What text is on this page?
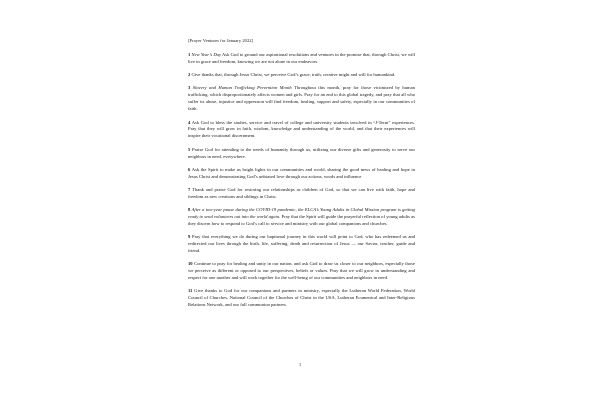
[Prayer Ventures for January 2022]

1 New Year’s Day Ask God to ground our aspirational resolutions and ventures in the promise that, through Christ, we will live in grace and freedom, knowing we are not alone in our endeavors.

2 Give thanks that, through Jesus Christ, we perceive God’s grace, truth, creative might and will for humankind.

3 Slavery and Human Trafficking Prevention Month Throughout this month, pray for those victimized by human trafficking, which disproportionately affects women and girls. Pray for an end to this global tragedy, and pray that all who suffer its abuse, injustice and oppression will find freedom, healing, support and safety, especially in our communities of faith.

4 Ask God to bless the studies, service and travel of college and university students involved in “J-Term” experiences. Pray that they will grow in faith, wisdom, knowledge and understanding of the world, and that their experiences will inspire their vocational discernment.

5 Praise God for attending to the needs of humanity through us, utilizing our diverse gifts and generosity to serve our neighbors in need, everywhere.

6 Ask the Spirit to make us bright lights in our communities and world, sharing the good news of healing and hope in Jesus Christ and demonstrating God’s unbiased love through our actions, words and influence.

7 Thank and praise God for restoring our relationships as children of God, so that we can live with faith, hope and freedom as new creations and siblings in Christ.

8 After a two-year pause during the COVID-19 pandemic, the ELCA’s Young Adults in Global Mission program is getting ready to send volunteers out into the world again. Pray that the Spirit will guide the prayerful reflection of young adults as they discern how to respond to God’s call to service and ministry with our global companions and churches.

9 Pray that everything we do during our baptismal journey in this world will point to God, who has redeemed us and redirected our lives through the birth, life, suffering, death and resurrection of Jesus — our Savior, teacher, guide and friend.

10 Continue to pray for healing and unity in our nation, and ask God to draw us closer to our neighbors, especially those we perceive as different or opposed to our perspectives, beliefs or values. Pray that we will grow in understanding and respect for one another and will work together for the well-being of our communities and neighbors in need.

11 Give thanks to God for our companions and partners in ministry, especially the Lutheran World Federation, World Council of Churches, National Council of the Churches of Christ in the USA, Lutheran Ecumenical and Inter-Religious Relations Network, and our full communion partners.

1
